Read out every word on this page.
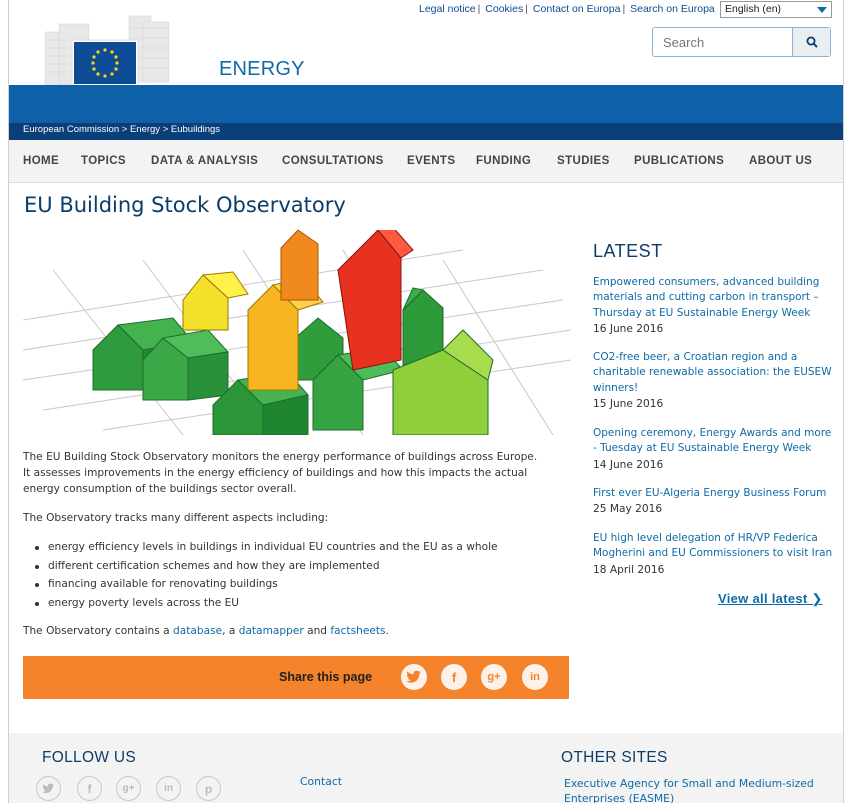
ENERGY
Legal notice | Cookies | Contact on Europa | Search on Europa English (en)
Search
European Commission > Energy > Eubuildings
HOME TOPICS DATA & ANALYSIS CONSULTATIONS EVENTS FUNDING STUDIES PUBLICATIONS ABOUT US
EU Building Stock Observatory

The EU Building Stock Observatory monitors the energy performance of buildings across Europe. It assesses improvements in the energy efficiency of buildings and how this impacts the actual energy consumption of the buildings sector overall.

The Observatory tracks many different aspects including:

energy efficiency levels in buildings in individual EU countries and the EU as a whole
different certification schemes and how they are implemented
financing available for renovating buildings
energy poverty levels across the EU

The Observatory contains a database, a datamapper and factsheets.

Share this page	f	g+	in
LATEST
Empowered consumers, advanced building materials and cutting carbon in transport – Thursday at EU Sustainable Energy Week
16 June 2016
CO2-free beer, a Croatian region and a charitable renewable association: the EUSEW winners!
15 June 2016
Opening ceremony, Energy Awards and more - Tuesday at EU Sustainable Energy Week
14 June 2016
First ever EU-Algeria Energy Business Forum
25 May 2016
EU high level delegation of HR/VP Federica Mogherini and EU Commissioners to visit Iran
18 April 2016
View all latest ❯
FOLLOW US
f	g+	in	p	Contact
OTHER SITES
Executive Agency for Small and Medium-sized Enterprises (EASME)
